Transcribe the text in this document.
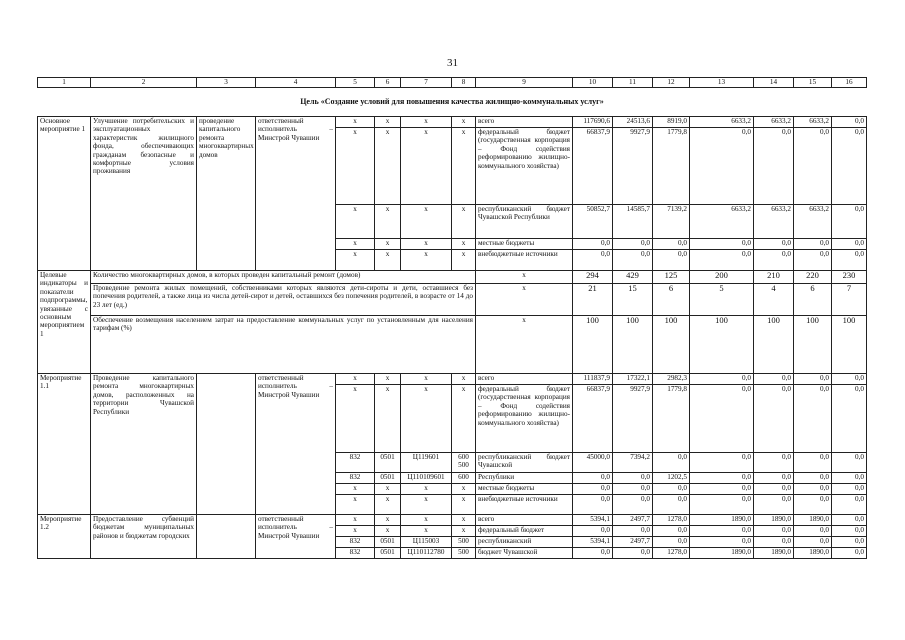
31
1	2	3	4	5	6	7	8	9	10	11	12	13	14	15	16
Цель «Создание условий для повышения качества жилищно-коммунальных услуг»															
Основное мероприятие 1	Улучшение потребительских и эксплуатационных характеристик жилищного фонда, обеспечивающих гражданам безопасные и комфортные условия проживания	проведение капитального ремонта многоквартирных домов	ответственный исполнитель – Минстрой Чувашии	x	x	x	x	всего	117690,6	24513,6	8919,0	6633,2	6633,2	6633,2	0,0
				x	x	x	x	федеральный бюджет (государственная корпорация – Фонд содействия реформированию жилищно-коммунального хозяйства)	66837,9	9927,9	1779,8	0,0	0,0	0,0	0,0
				x	x	x	x	республиканский бюджет Чувашской Республики	50852,7	14585,7	7139,2	6633,2	6633,2	6633,2	0,0
				x	x	x	x	местные бюджеты	0,0	0,0	0,0	0,0	0,0	0,0	0,0
				x	x	x	x	внебюджетные источники	0,0	0,0	0,0	0,0	0,0	0,0	0,0
Целевые индикаторы и показатели подпрограммы, увязанные с основным мероприятием 1	Количество многоквартирных домов, в которых проведен капитальный ремонт (домов)							x	294	429	125	200	210	220	230
	Проведение ремонта жилых помещений, собственниками которых являются дети-сироты и дети, оставшиеся без попечения родителей, а также лица из числа детей-сирот и детей, оставшихся без попечения родителей, в возрасте от 14 до 23 лет (ед.)							x	21	15	6	5	4	6	7
	Обеспечение возмещения населением затрат на предоставление коммунальных услуг по установленным для населения тарифам (%)							x	100	100	100	100	100	100	100
Мероприятие 1.1	Проведение капитального ремонта многоквартирных домов, расположенных на территории Чувашской Республики		ответственный исполнитель – Минстрой Чувашии	x	x	x	x	всего	111837,9	17322,1	2982,3	0,0	0,0	0,0	0,0
				x	x	x	x	федеральный бюджет (государственная корпорация – Фонд содействия реформированию жилищно-коммунального хозяйства)	66837,9	9927,9	1779,8	0,0	0,0	0,0	0,0
				832	0501	Ц119601	600 500	республиканский бюджет Чувашской	45000,0	7394,2	0,0	0,0	0,0	0,0	0,0
				832	0501	Ц110109601	600	Республики	0,0	0,0	1202,5	0,0	0,0	0,0	0,0
				x	x	x	x	местные бюджеты	0,0	0,0	0,0	0,0	0,0	0,0	0,0
				x	x	x	x	внебюджетные источники	0,0	0,0	0,0	0,0	0,0	0,0	0,0
Мероприятие 1.2	Предоставление субвенций бюджетам муниципальных районов и бюджетам городских		ответственный исполнитель – Минстрой Чувашии	x	x	x	x	всего	5394,1	2497,7	1278,0	1890,0	1890,0	1890,0	0,0
				x	x	x	x	федеральный бюджет	0,0	0,0	0,0	0,0	0,0	0,0	0,0
				832	0501	Ц115003	500	республиканский	5394,1	2497,7	0,0	0,0	0,0	0,0	0,0
				832	0501	Ц110112780	500	бюджет Чувашской	0,0	0,0	1278,0	1890,0	1890,0	1890,0	0,0
